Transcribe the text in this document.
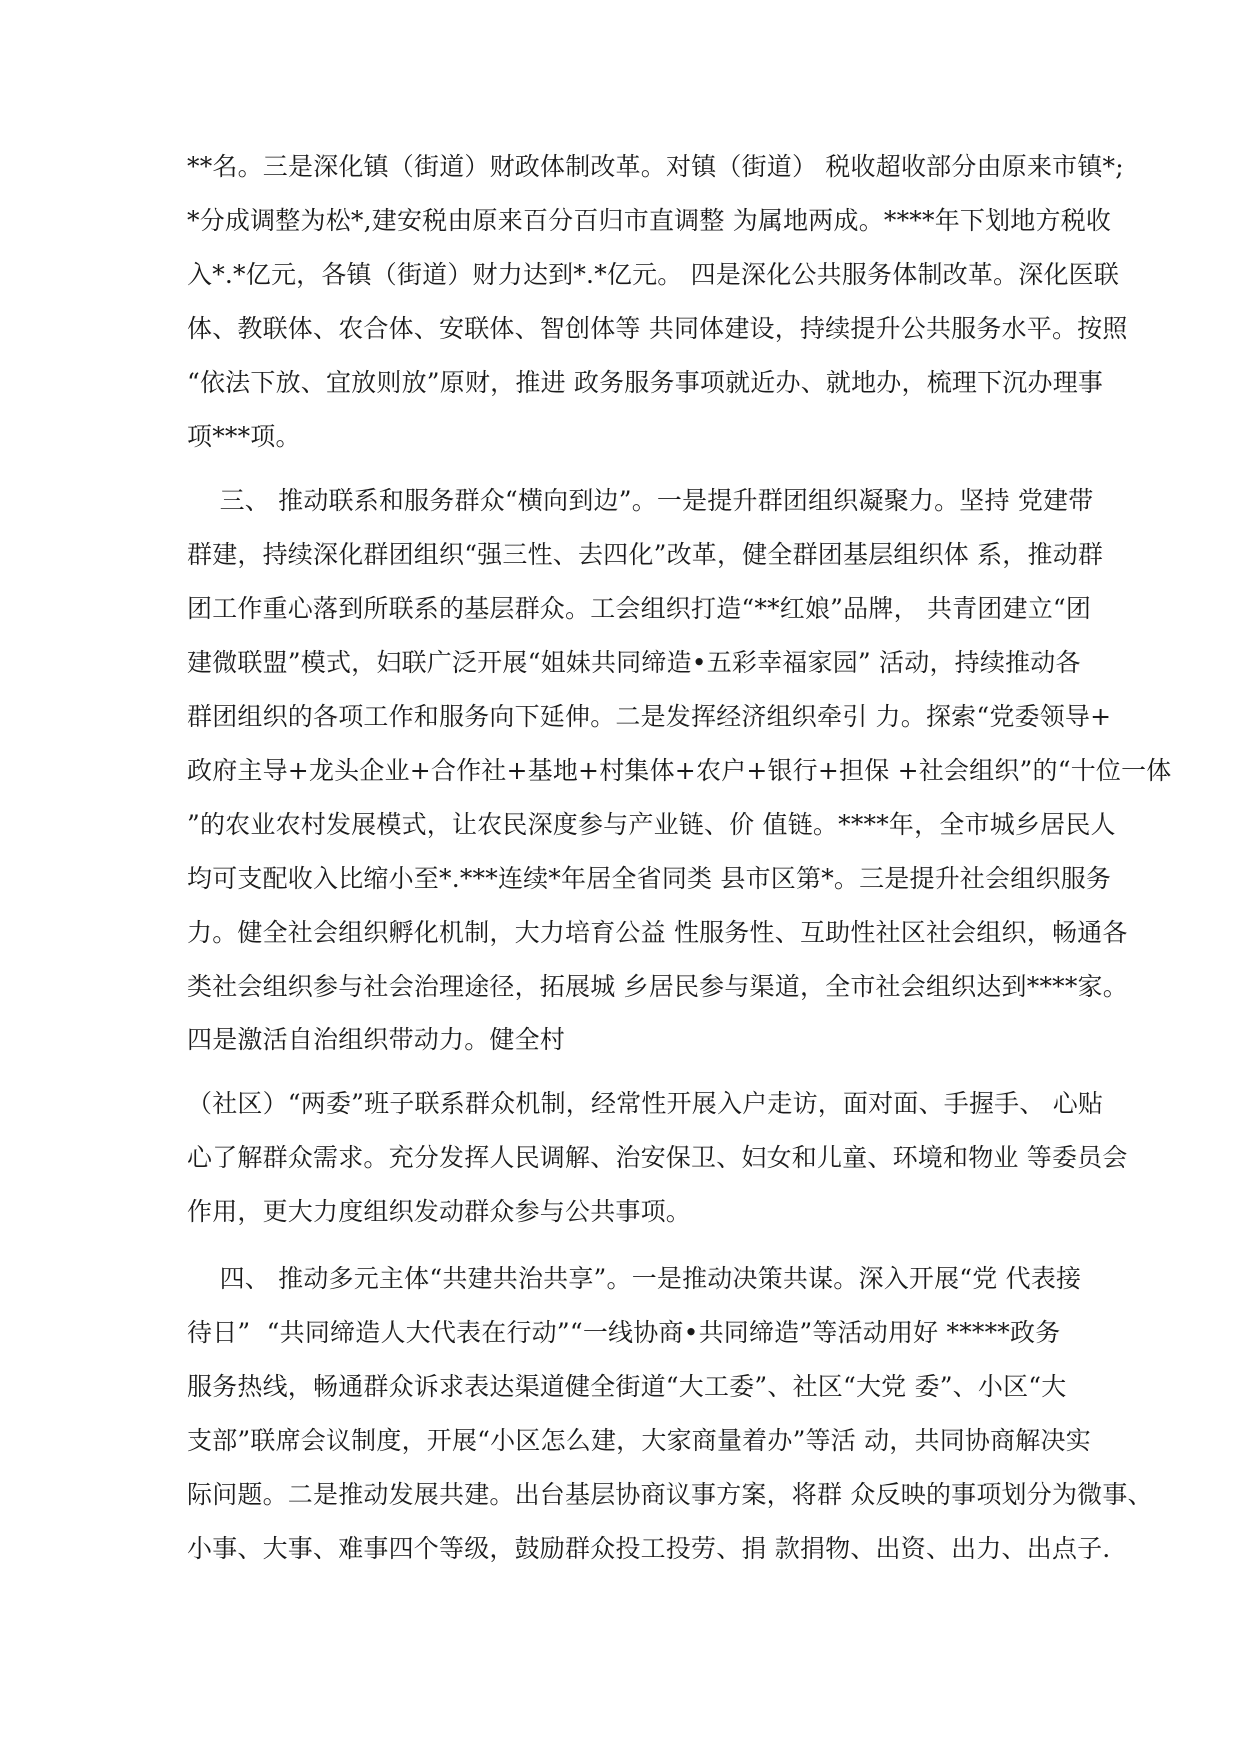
**名。三是深化镇（街道）财政体制改革。对镇（街道） 税收超收部分由原来市镇*;
*分成调整为松*,建安税由原来百分百归市直调整 为属地两成。****年下划地方税收
入*.*亿元，各镇（街道）财力达到*.*亿元。 四是深化公共服务体制改革。深化医联
体、教联体、农合体、安联体、智创体等 共同体建设，持续提升公共服务水平。按照
“依法下放、宜放则放”原财，推进 政务服务事项就近办、就地办，梳理下沉办理事
项***项。
三、 推动联系和服务群众“横向到边”。一是提升群团组织凝聚力。坚持 党建带
群建，持续深化群团组织“强三性、去四化”改革，健全群团基层组织体 系，推动群
团工作重心落到所联系的基层群众。工会组织打造“**红娘”品牌， 共青团建立“团
建微联盟”模式，妇联广泛开展“姐妹共同缔造•五彩幸福家园” 活动，持续推动各
群团组织的各项工作和服务向下延伸。二是发挥经济组织牵引 力。探索“党委领导+
政府主导+龙头企业+合作社+基地+村集体+农户+银行+担保 +社会组织”的“十位一体
”的农业农村发展模式，让农民深度参与产业链、价 值链。****年，全市城乡居民人
均可支配收入比缩小至*.***连续*年居全省同类 县市区第*。三是提升社会组织服务
力。健全社会组织孵化机制，大力培育公益 性服务性、互助性社区社会组织，畅通各
类社会组织参与社会治理途径，拓展城 乡居民参与渠道，全市社会组织达到****家。
四是激活自治组织带动力。健全村
（社区）“两委”班子联系群众机制，经常性开展入户走访，面对面、手握手、 心贴
心了解群众需求。充分发挥人民调解、治安保卫、妇女和儿童、环境和物业 等委员会
作用，更大力度组织发动群众参与公共事项。
四、 推动多元主体“共建共治共享”。一是推动决策共谋。深入开展“党 代表接
待日”  “共同缔造人大代表在行动”“一线协商•共同缔造”等活动用好 *****政务
服务热线，畅通群众诉求表达渠道健全街道“大工委”、社区“大党 委”、小区“大
支部”联席会议制度，开展“小区怎么建，大家商量着办”等活 动，共同协商解决实
际问题。二是推动发展共建。出台基层协商议事方案，将群 众反映的事项划分为微事、
小事、大事、难事四个等级，鼓励群众投工投劳、捐 款捐物、出资、出力、出点子．
